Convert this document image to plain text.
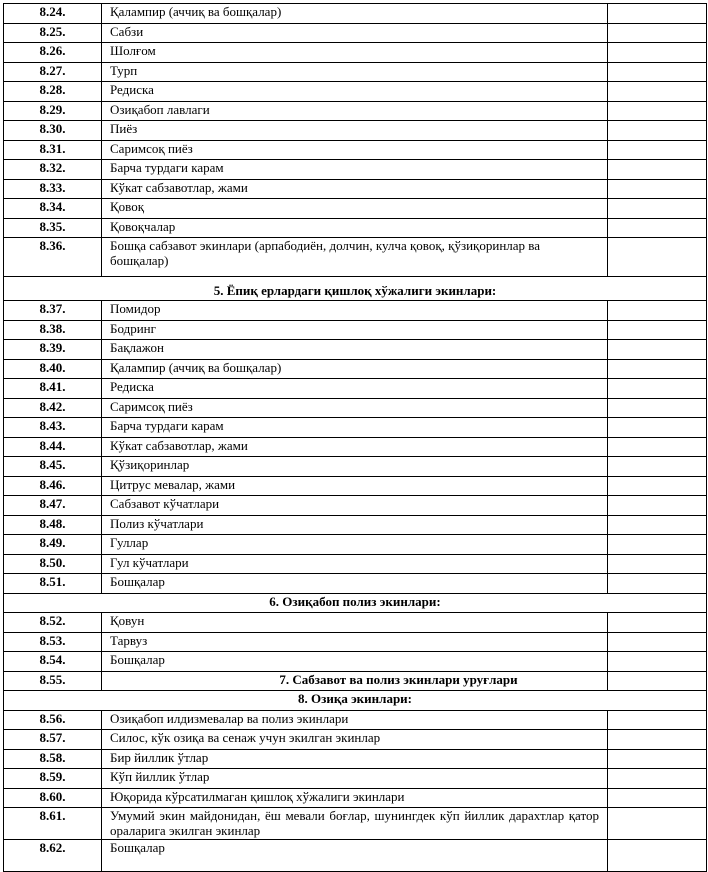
8.24.	Қалампир (аччиқ ва бошқалар)	
8.25.	Сабзи	
8.26.	Шолғом	
8.27.	Турп	
8.28.	Редиска	
8.29.	Озиқабоп лавлаги	
8.30.	Пиёз	
8.31.	Саримсоқ пиёз	
8.32.	Барча турдаги карам	
8.33.	Кўкат сабзавотлар, жами	
8.34.	Қовоқ	
8.35.	Қовоқчалар	
8.36.	Бошқа сабзавот экинлари (арпабодиён, долчин, кулча қовоқ, қўзиқоринлар ва бошқалар)	
5. Ёпиқ ерлардаги қишлоқ хўжалиги экинлари:		
8.37.	Помидор	
8.38.	Бодринг	
8.39.	Бақлажон	
8.40.	Қалампир (аччиқ ва бошқалар)	
8.41.	Редиска	
8.42.	Саримсоқ пиёз	
8.43.	Барча турдаги карам	
8.44.	Кўкат сабзавотлар, жами	
8.45.	Қўзиқоринлар	
8.46.	Цитрус мевалар, жами	
8.47.	Сабзавот кўчатлари	
8.48.	Полиз кўчатлари	
8.49.	Гуллар	
8.50.	Гул кўчатлари	
8.51.	Бошқалар	
6. Озиқабоп полиз экинлари:		
8.52.	Қовун	
8.53.	Тарвуз	
8.54.	Бошқалар	
8.55.	7. Сабзавот ва полиз экинлари уруғлари	
8. Озиқа экинлари:		
8.56.	Озиқабоп илдизмевалар ва полиз экинлари	
8.57.	Силос, кўк озиқа ва сенаж учун экилган экинлар	
8.58.	Бир йиллик ўтлар	
8.59.	Кўп йиллик ўтлар	
8.60.	Юқорида кўрсатилмаган қишлоқ хўжалиги экинлари	
8.61.	Умумий экин майдонидан, ёш мевали боғлар, шунингдек кўп йиллик дарахтлар қатор ораларига экилган экинлар	
8.62.	Бошқалар	
